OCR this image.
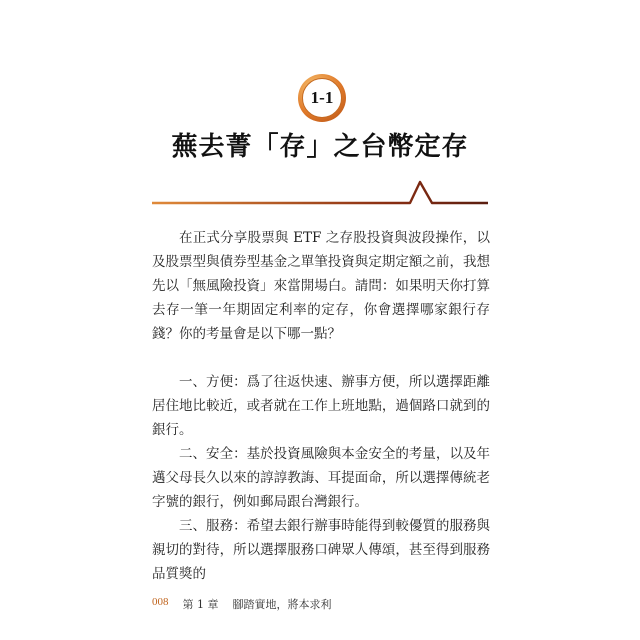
1-1
蕪去菁「存」之台幣定存

在正式分享股票與 ETF 之存股投資與波段操作，以及股票型與債券型基金之單筆投資與定期定額之前，我想先以「無風險投資」來當開場白。請問：如果明天你打算去存一筆一年期固定利率的定存，你會選擇哪家銀行存錢？你的考量會是以下哪一點？

一、方便：爲了往返快速、辦事方便，所以選擇距離居住地比較近，或者就在工作上班地點，過個路口就到的銀行。

二、安全：基於投資風險與本金安全的考量，以及年邁父母長久以來的諄諄教誨、耳提面命，所以選擇傳統老字號的銀行，例如郵局跟台灣銀行。

三、服務：希望去銀行辦事時能得到較優質的服務與親切的對待，所以選擇服務口碑眾人傳頌，甚至得到服務品質獎的

008 第 1 章 腳踏實地，將本求利
